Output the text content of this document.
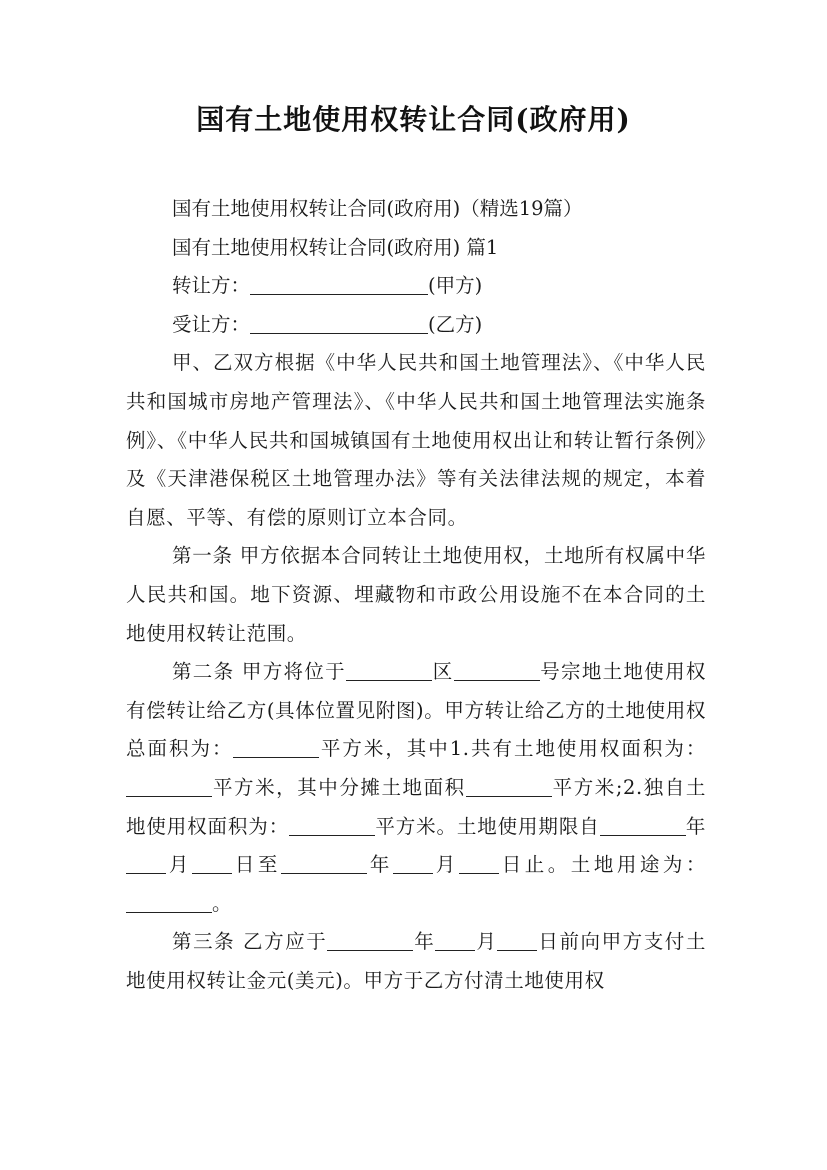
国有土地使用权转让合同(政府用)
国有土地使用权转让合同(政府用)（精选19篇）
国有土地使用权转让合同(政府用) 篇1
转让方：	(甲方)
受让方：	(乙方)
甲、乙双方根据《中华人民共和国土地管理法》、《中华人民共和国城市房地产管理法》、《中华人民共和国土地管理法实施条例》、《中华人民共和国城镇国有土地使用权出让和转让暂行条例》及《天津港保税区土地管理办法》等有关法律法规的规定，本着自愿、平等、有偿的原则订立本合同。
第一条 甲方依据本合同转让土地使用权，土地所有权属中华人民共和国。地下资源、埋藏物和市政公用设施不在本合同的土地使用权转让范围。
第二条 甲方将位于	区	号宗地土地使用权有偿转让给乙方(具体位置见附图)。甲方转让给乙方的土地使用权总面积为：	平方米，其中1.共有土地使用权面积为：平方米，其中分摊土地面积	平方米;2.独自土地使用权面积为：	平方米。土地使用期限自	年月 日至	年 月 日止。土地用途为：。
第三条 乙方应于	年 月 日前向甲方支付土地使用权转让金元(美元)。甲方于乙方付清土地使用权
